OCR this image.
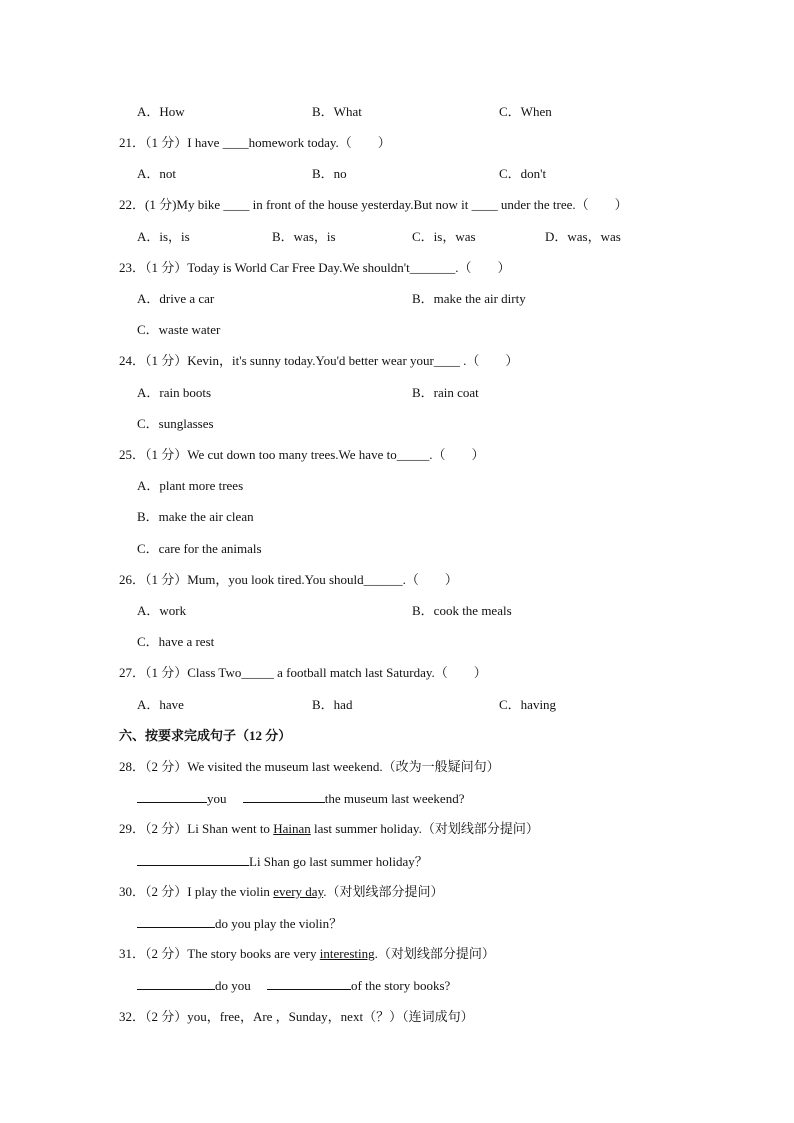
A．How	B．What	C．When
21．（1 分）I have ____homework today.（　　）
A．not	B．no	C．don't
22．(1 分)My bike ____ in front of the house yesterday.But now it ____ under the tree.（　　）
A．is，is	B．was，is	C．is，was	D．was，was
23．（1 分）Today is World Car Free Day.We shouldn't_______.（　　）
A．drive a car	B．make the air dirty
C．waste water
24．（1 分）Kevin，it's sunny today.You'd better wear your____ .（　　）
A．rain boots	B．rain coat
C．sunglasses
25．（1 分）We cut down too many trees.We have to_____.（　　）
A．plant more trees
B．make the air clean
C．care for the animals
26．（1 分）Mum，you look tired.You should______.（　　）
A．work	B．cook the meals
C．have a rest
27．（1 分）Class Two_____ a football match last Saturday.（　　）
A．have	B．had	C．having
六、按要求完成句子（12 分）
28．（2 分）We visited the museum last weekend.（改为一般疑问句）
you　	the museum last weekend?
29．（2 分）Li Shan went to Hainan last summer holiday.（对划线部分提问）
Li Shan go last summer holiday？
30．（2 分）I play the violin every day.（对划线部分提问）
do you play the violin？
31．（2 分）The story books are very interesting.（对划线部分提问）
do you　	of the story books?
32．（2 分）you，free，Are ，Sunday，next（？）（连词成句）
